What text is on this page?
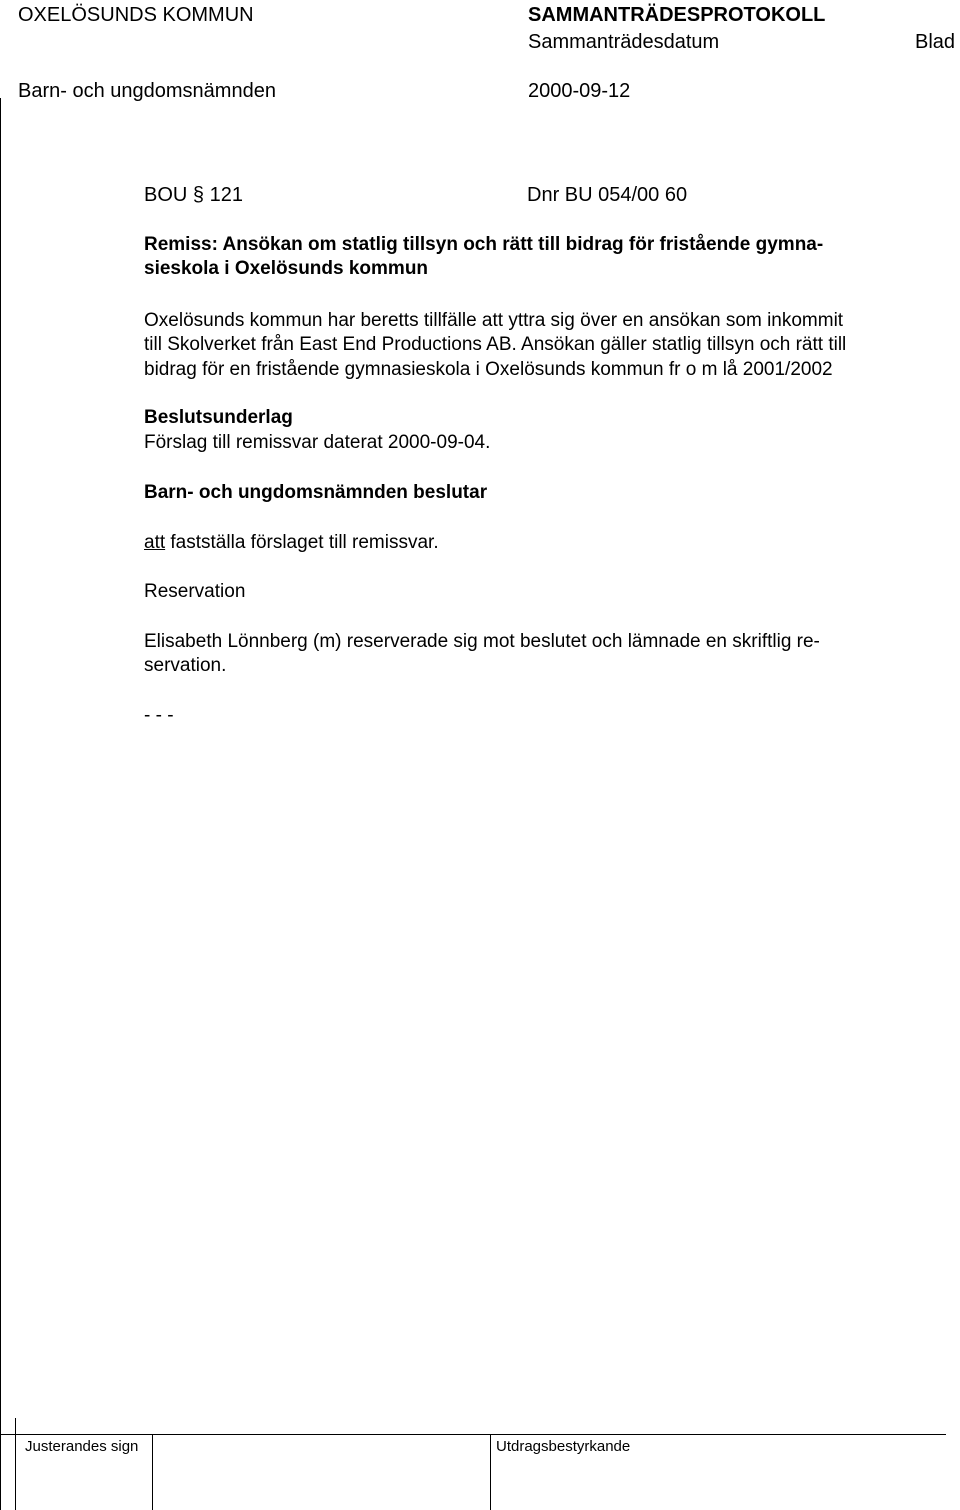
OXELÖSUNDS KOMMUN	SAMMANTRÄDESPROTOKOLL
Sammanträdesdatum	Blad
Barn- och ungdomsnämnden	2000-09-12
BOU § 121	Dnr BU 054/00 60
Remiss: Ansökan om statlig tillsyn och rätt till bidrag för fristående gymna-
sieskola i Oxelösunds kommun
Oxelösunds kommun har beretts tillfälle att yttra sig över en ansökan som inkommit
till Skolverket från East End Productions AB. Ansökan gäller statlig tillsyn och rätt till
bidrag för en fristående gymnasieskola i Oxelösunds kommun fr o m lå 2001/2002
Beslutsunderlag
Förslag till remissvar daterat 2000-09-04.
Barn- och ungdomsnämnden beslutar
att fastställa förslaget till remissvar.
Reservation
Elisabeth Lönnberg (m) reserverade sig mot beslutet och lämnade en skriftlig re-
servation.
- - -
Justerandes sign	Utdragsbestyrkande
